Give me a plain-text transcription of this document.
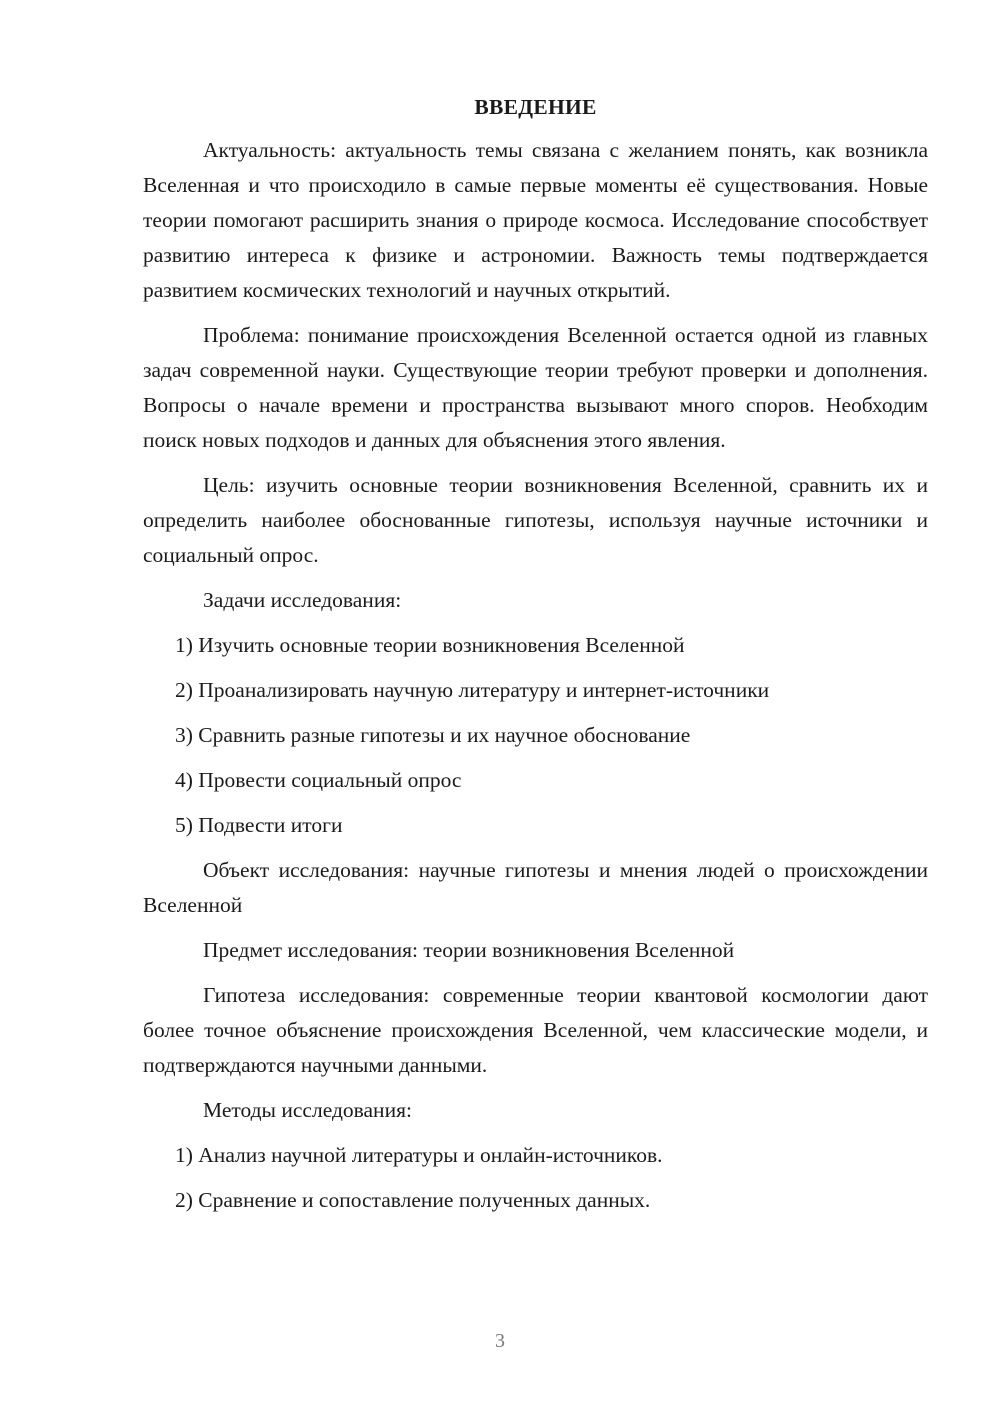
ВВЕДЕНИЕ

Актуальность: актуальность темы связана с желанием понять, как возникла Вселенная и что происходило в самые первые моменты её существования. Новые теории помогают расширить знания о природе космоса. Исследование способствует развитию интереса к физике и астрономии. Важность темы подтверждается развитием космических технологий и научных открытий.

Проблема: понимание происхождения Вселенной остается одной из главных задач современной науки. Существующие теории требуют проверки и дополнения. Вопросы о начале времени и пространства вызывают много споров. Необходим поиск новых подходов и данных для объяснения этого явления.

Цель: изучить основные теории возникновения Вселенной, сравнить их и определить наиболее обоснованные гипотезы, используя научные источники и социальный опрос.

Задачи исследования:

1) Изучить основные теории возникновения Вселенной

2) Проанализировать научную литературу и интернет-источники

3) Сравнить разные гипотезы и их научное обоснование

4) Провести социальный опрос

5) Подвести итоги

Объект исследования: научные гипотезы и мнения людей о происхождении Вселенной

Предмет исследования: теории возникновения Вселенной

Гипотеза исследования: современные теории квантовой космологии дают более точное объяснение происхождения Вселенной, чем классические модели, и подтверждаются научными данными.

Методы исследования:

1) Анализ научной литературы и онлайн-источников.

2) Сравнение и сопоставление полученных данных.

3
